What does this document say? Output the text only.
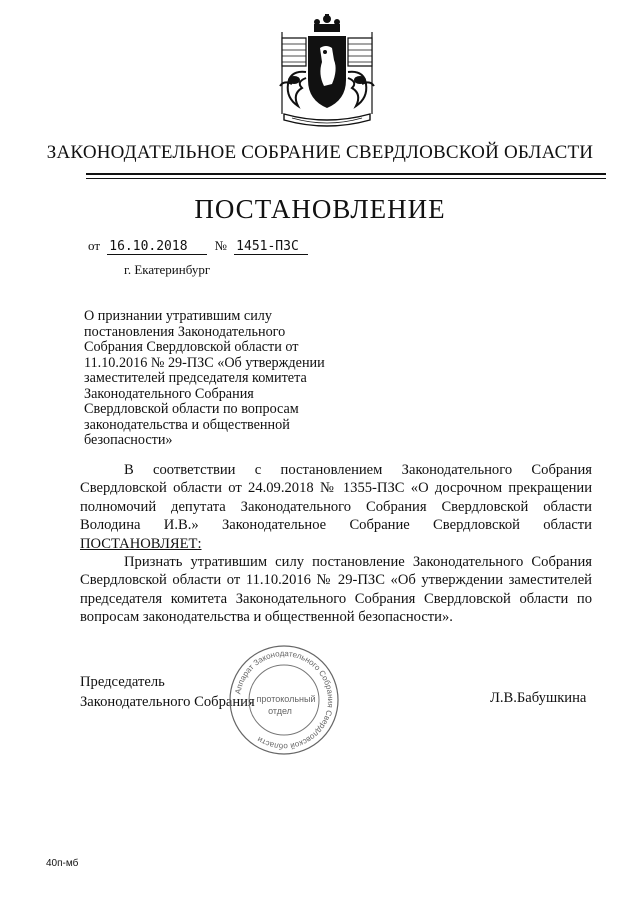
ЗАКОНОДАТЕЛЬНОЕ СОБРАНИЕ СВЕРДЛОВСКОЙ ОБЛАСТИ
ПОСТАНОВЛЕНИЕ
от 16.10.2018 № 1451-ПЗС
г. Екатеринбург
О признании утратившим силу постановления Законодательного Собрания Свердловской области от 11.10.2016 № 29-ПЗС «Об утверждении заместителей председателя комитета Законодательного Собрания Свердловской области по вопросам законодательства и общественной безопасности»

В соответствии с постановлением Законодательного Собрания Свердловской области от 24.09.2018 № 1355-ПЗС «О досрочном прекращении полномочий депутата Законодательного Собрания Свердловской области Володина И.В.» Законодательное Собрание Свердловской области ПОСТАНОВЛЯЕТ:

Признать утратившим силу постановление Законодательного Собрания Свердловской области от 11.10.2016 № 29-ПЗС «Об утверждении заместителей председателя комитета Законодательного Собрания Свердловской области по вопросам законодательства и общественной безопасности».

Председатель
Законодательного Собрания	Л.В.Бабушкина
Аппарат Законодательного Собрания Свердловской области
протокольный
отдел
40п-мб
